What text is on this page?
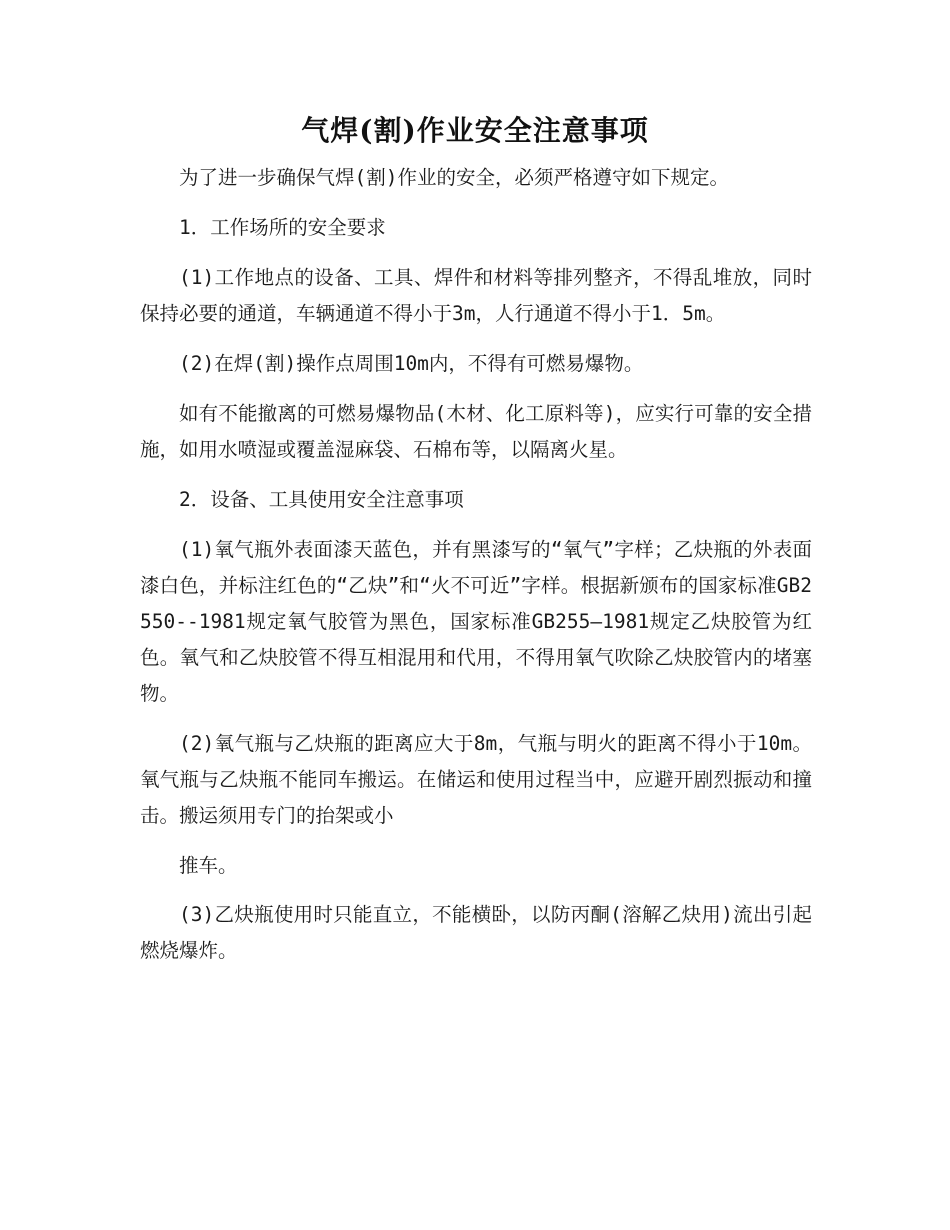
气焊(割)作业安全注意事项

为了进一步确保气焊(割)作业的安全，必须严格遵守如下规定。

1．工作场所的安全要求

(1)工作地点的设备、工具、焊件和材料等排列整齐，不得乱堆放，同时保持必要的通道，车辆通道不得小于3m，人行通道不得小于1．5m。

(2)在焊(割)操作点周围10m内，不得有可燃易爆物。

如有不能撤离的可燃易爆物品(木材、化工原料等)，应实行可靠的安全措施，如用水喷湿或覆盖湿麻袋、石棉布等，以隔离火星。

2．设备、工具使用安全注意事项

(1)氧气瓶外表面漆天蓝色，并有黑漆写的“氧气”字样；乙炔瓶的外表面漆白色，并标注红色的“乙炔”和“火不可近”字样。根据新颁布的国家标准GB2550--1981规定氧气胶管为黑色，国家标准GB255—1981规定乙炔胶管为红色。氧气和乙炔胶管不得互相混用和代用，不得用氧气吹除乙炔胶管内的堵塞物。

(2)氧气瓶与乙炔瓶的距离应大于8m，气瓶与明火的距离不得小于10m。氧气瓶与乙炔瓶不能同车搬运。在储运和使用过程当中，应避开剧烈振动和撞击。搬运须用专门的抬架或小

推车。

(3)乙炔瓶使用时只能直立，不能横卧，以防丙酮(溶解乙炔用)流出引起燃烧爆炸。
